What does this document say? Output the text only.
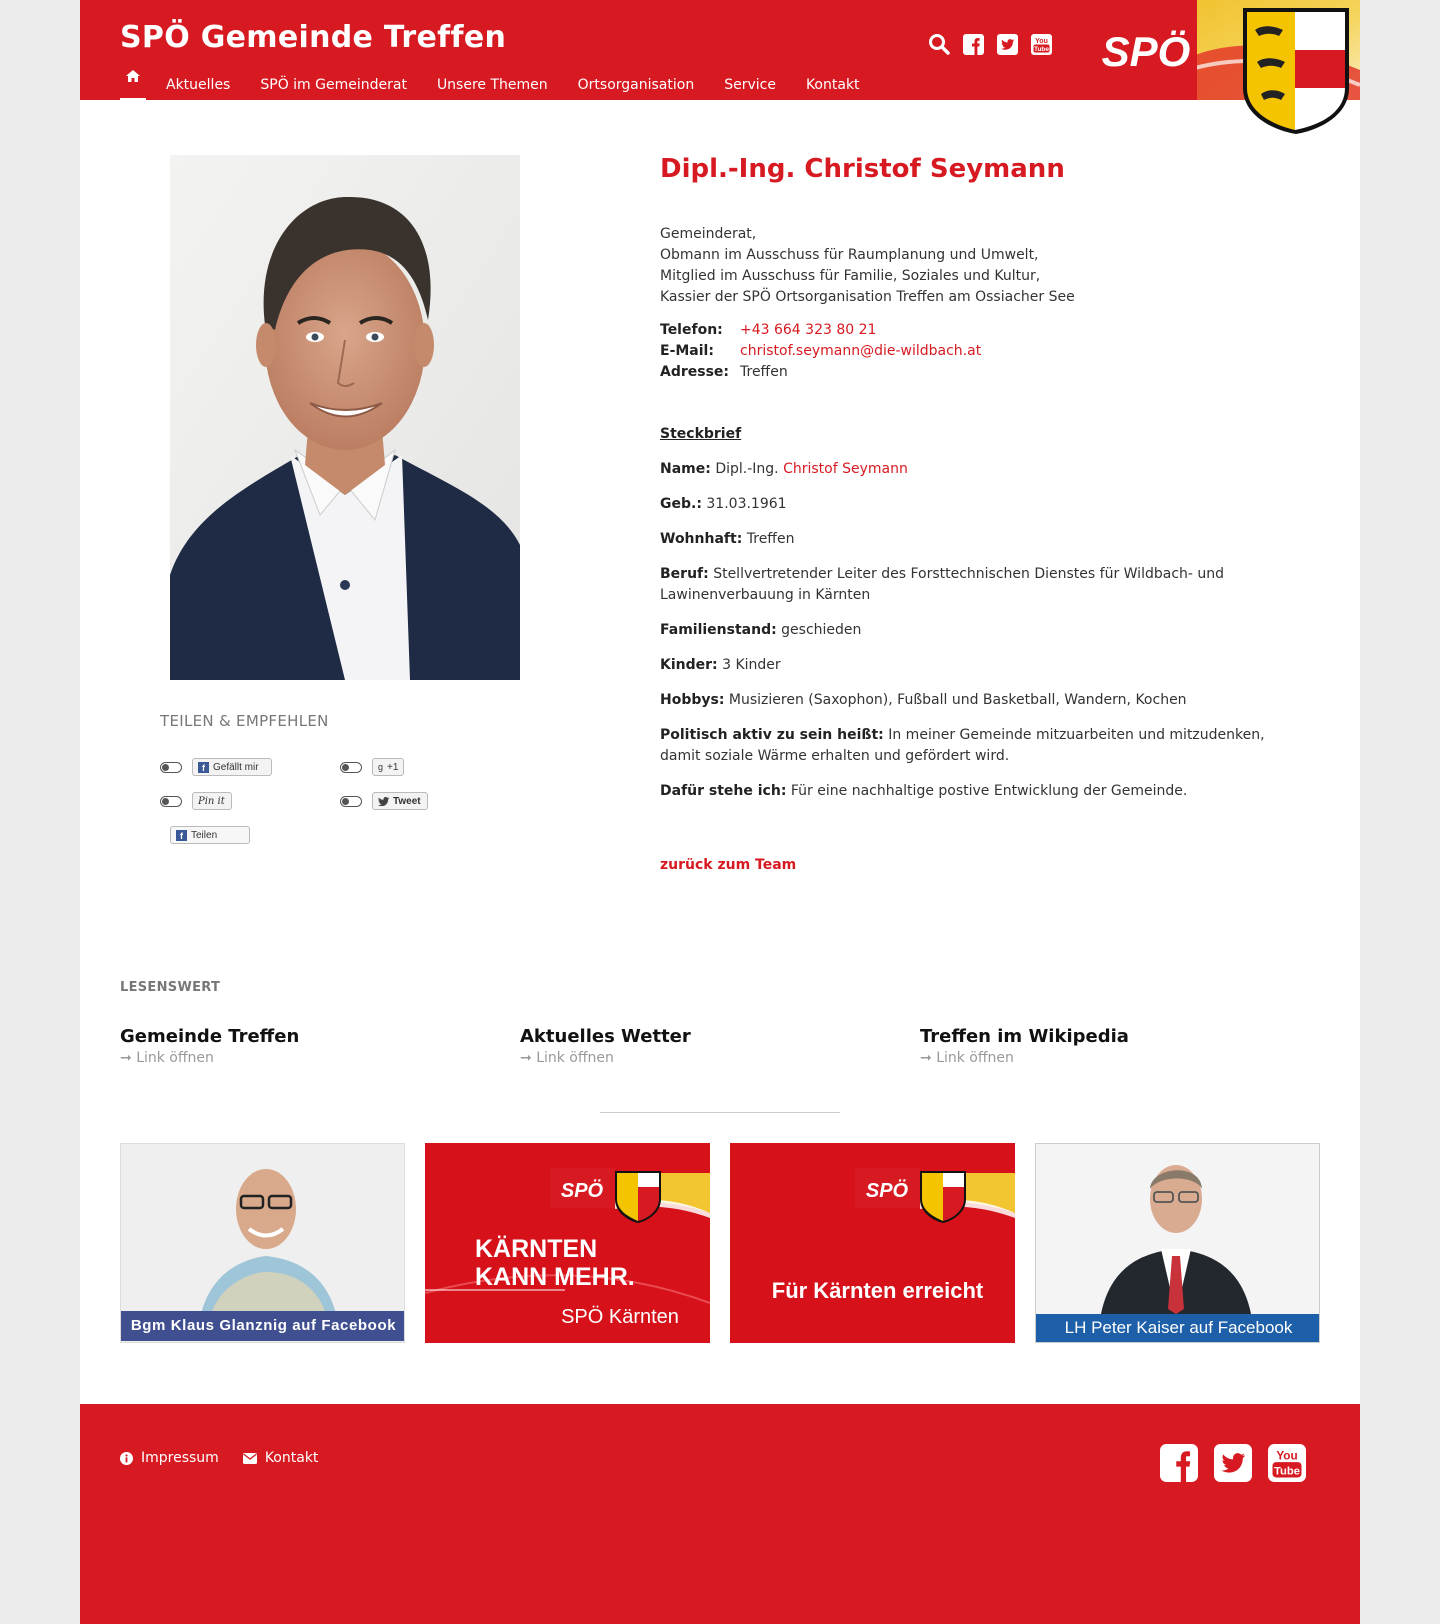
SPÖ Gemeinde Treffen
Aktuelles SPÖ im Gemeinderat Unsere Themen Ortsorganisation Service Kontakt
You
Tube SPÖ
TEILEN & EMPFEHLEN
f Gefällt mir	g +1
Pin it	Tweet
f Teilen
Dipl.-Ing. Christof Seymann
Gemeinderat,
Obmann im Ausschuss für Raumplanung und Umwelt,
Mitglied im Ausschuss für Familie, Soziales und Kultur,
Kassier der SPÖ Ortsorganisation Treffen am Ossiacher See
Telefon:	+43 664 323 80 21
E-Mail:	christof.seymann@die-wildbach.at
Adresse: Treffen
Steckbrief
Name: Dipl.-Ing. Christof Seymann
Geb.: 31.03.1961
Wohnhaft: Treffen
Beruf: Stellvertretender Leiter des Forsttechnischen Dienstes für Wildbach- und Lawinenverbauung in Kärnten
Familienstand: geschieden
Kinder: 3 Kinder
Hobbys: Musizieren (Saxophon), Fußball und Basketball, Wandern, Kochen
Politisch aktiv zu sein heißt: In meiner Gemeinde mitzuarbeiten und mitzudenken, damit soziale Wärme erhalten und gefördert wird.
Dafür stehe ich: Für eine nachhaltige postive Entwicklung der Gemeinde.
zurück zum Team
LESENSWERT
Gemeinde Treffen
➞ Link öffnen
Aktuelles Wetter
➞ Link öffnen
Treffen im Wikipedia
➞ Link öffnen
Bgm Klaus Glanznig auf Facebook
SPÖ
KÄRNTEN
KANN MEHR.
SPÖ Kärnten
SPÖ
Für Kärnten erreicht
LH Peter Kaiser auf Facebook
Impressum	Kontakt	You
Tube
